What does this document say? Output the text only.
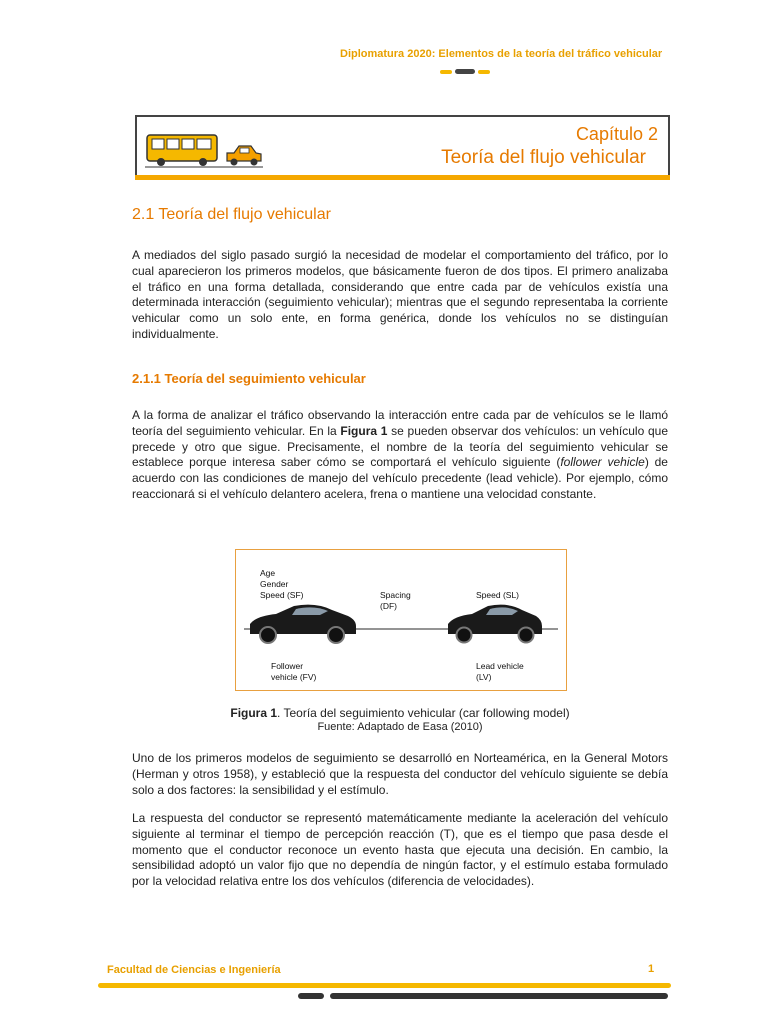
Diplomatura 2020: Elementos de la teoría del tráfico vehicular
Capítulo 2
Teoría del flujo vehicular
2.1 Teoría del flujo vehicular

A mediados del siglo pasado surgió la necesidad de modelar el comportamiento del tráfico, por lo cual aparecieron los primeros modelos, que básicamente fueron de dos tipos. El primero analizaba el tráfico en una forma detallada, considerando que entre cada par de vehículos existía una determinada interacción (seguimiento vehicular); mientras que el segundo representaba la corriente vehicular como un solo ente, en forma genérica, donde los vehículos no se distinguían individualmente.

2.1.1 Teoría del seguimiento vehicular

A la forma de analizar el tráfico observando la interacción entre cada par de vehículos se le llamó teoría del seguimiento vehicular. En la Figura 1 se pueden observar dos vehículos: un vehículo que precede y otro que sigue. Precisamente, el nombre de la teoría del seguimiento vehicular se establece porque interesa saber cómo se comportará el vehículo siguiente (follower vehicle) de acuerdo con las condiciones de manejo del vehículo precedente (lead vehicle). Por ejemplo, cómo reaccionará si el vehículo delantero acelera, frena o mantiene una velocidad constante.

Age
Gender
Speed (SF)	Spacing
(DF)
Speed (SL)
Follower
vehicle (FV)
Lead vehicle
(LV)
Figura 1. Teoría del seguimiento vehicular (car following model)
Fuente: Adaptado de Easa (2010)

Uno de los primeros modelos de seguimiento se desarrolló en Norteamérica, en la General Motors (Herman y otros 1958), y estableció que la respuesta del conductor del vehículo siguiente se debía solo a dos factores: la sensibilidad y el estímulo.

La respuesta del conductor se representó matemáticamente mediante la aceleración del vehículo siguiente al terminar el tiempo de percepción reacción (T), que es el tiempo que pasa desde el momento que el conductor reconoce un evento hasta que ejecuta una decisión. En cambio, la sensibilidad adoptó un valor fijo que no dependía de ningún factor, y el estímulo estaba formulado por la velocidad relativa entre los dos vehículos (diferencia de velocidades).

Facultad de Ciencias e Ingeniería	1
